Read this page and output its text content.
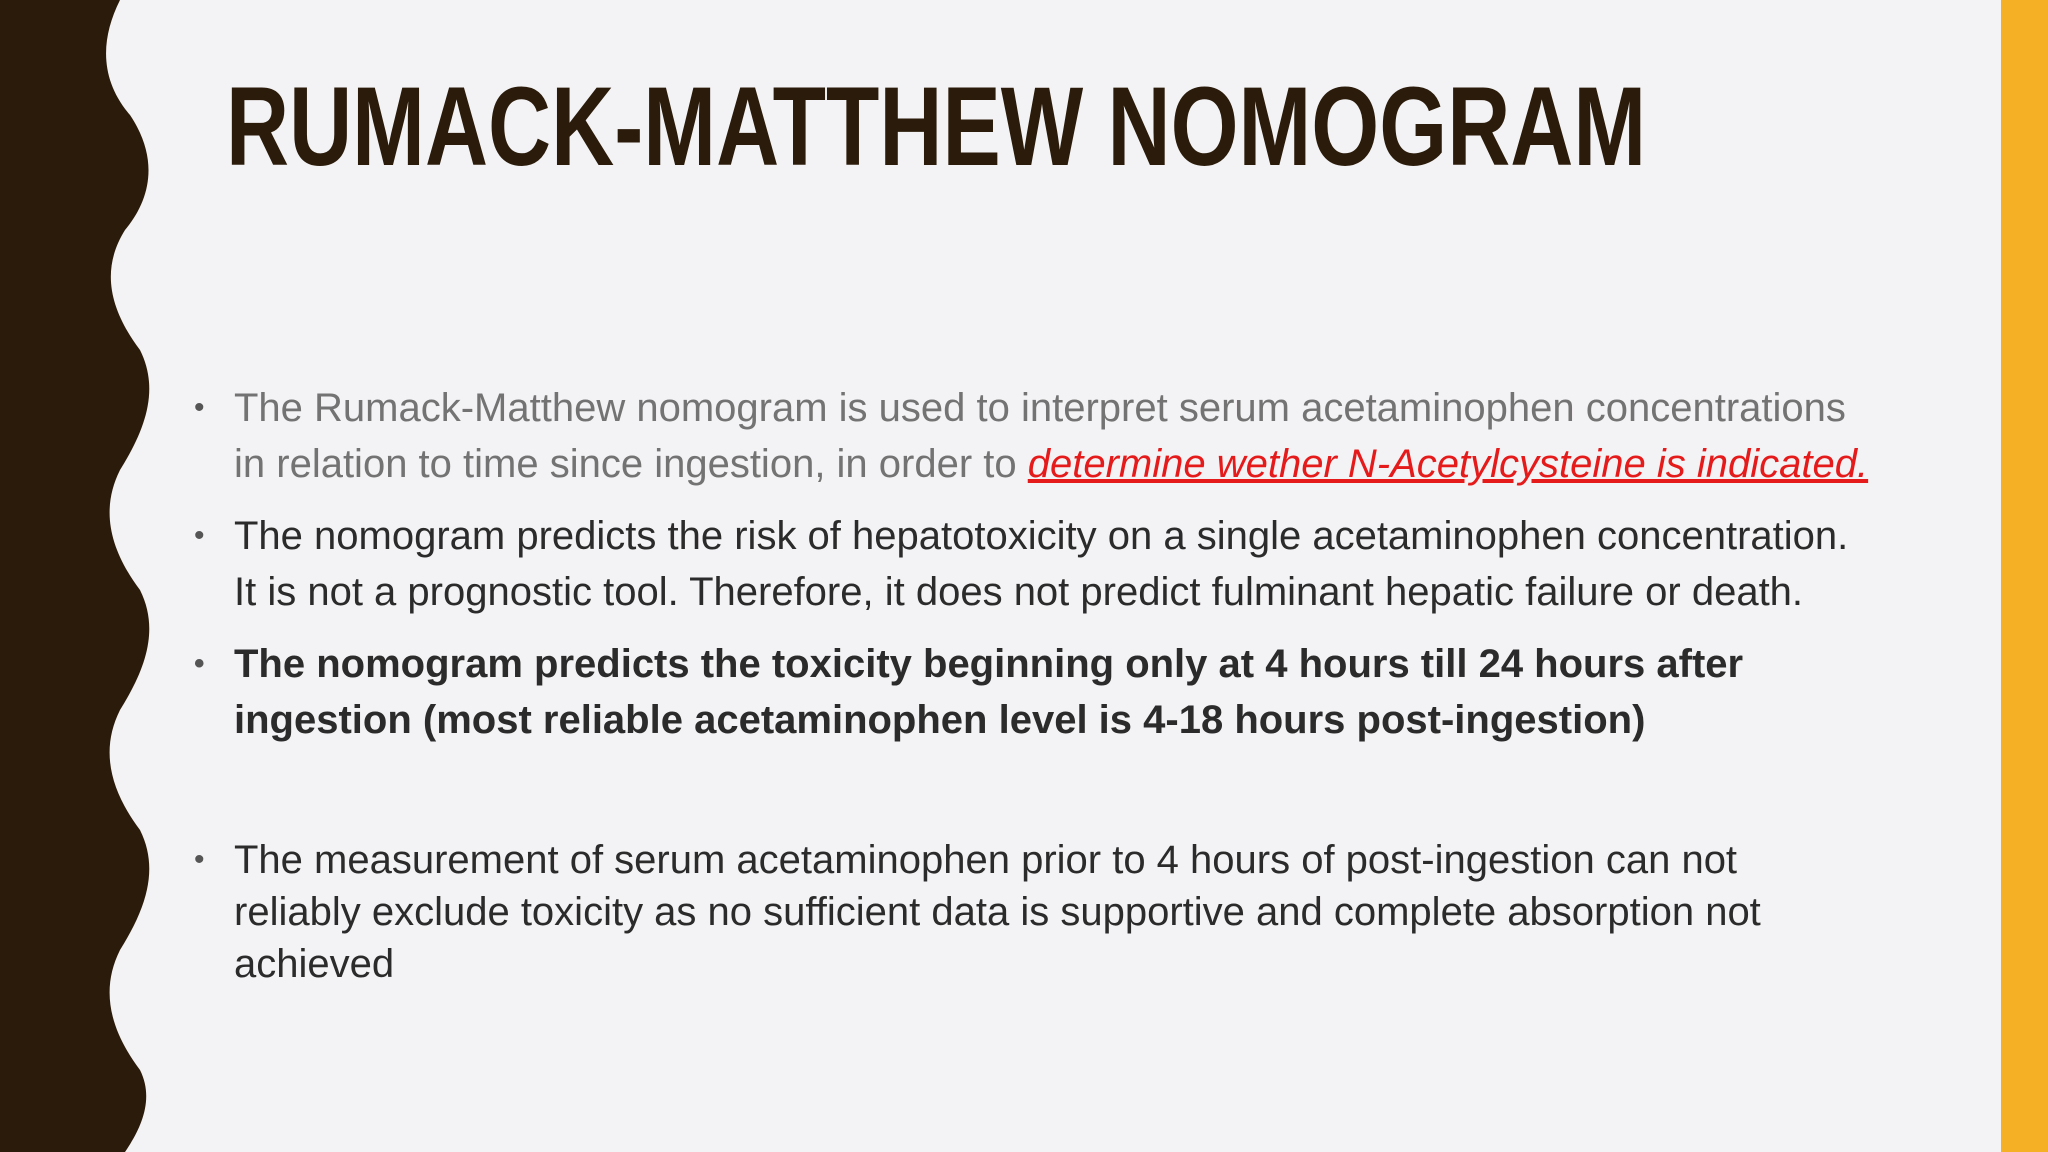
RUMACK-MATTHEW NOMOGRAM
• The Rumack-Matthew nomogram is used to interpret serum acetaminophen concentrations in relation to time since ingestion, in order to determine wether N-Acetylcysteine is indicated.
• The nomogram predicts the risk of hepatotoxicity on a single acetaminophen concentration. It is not a prognostic tool. Therefore, it does not predict fulminant hepatic failure or death.
• The nomogram predicts the toxicity beginning only at 4 hours till 24 hours after ingestion (most reliable acetaminophen level is 4-18 hours post-ingestion)
• The measurement of serum acetaminophen prior to 4 hours of post-ingestion can not reliably exclude toxicity as no sufficient data is supportive and complete absorption not achieved
